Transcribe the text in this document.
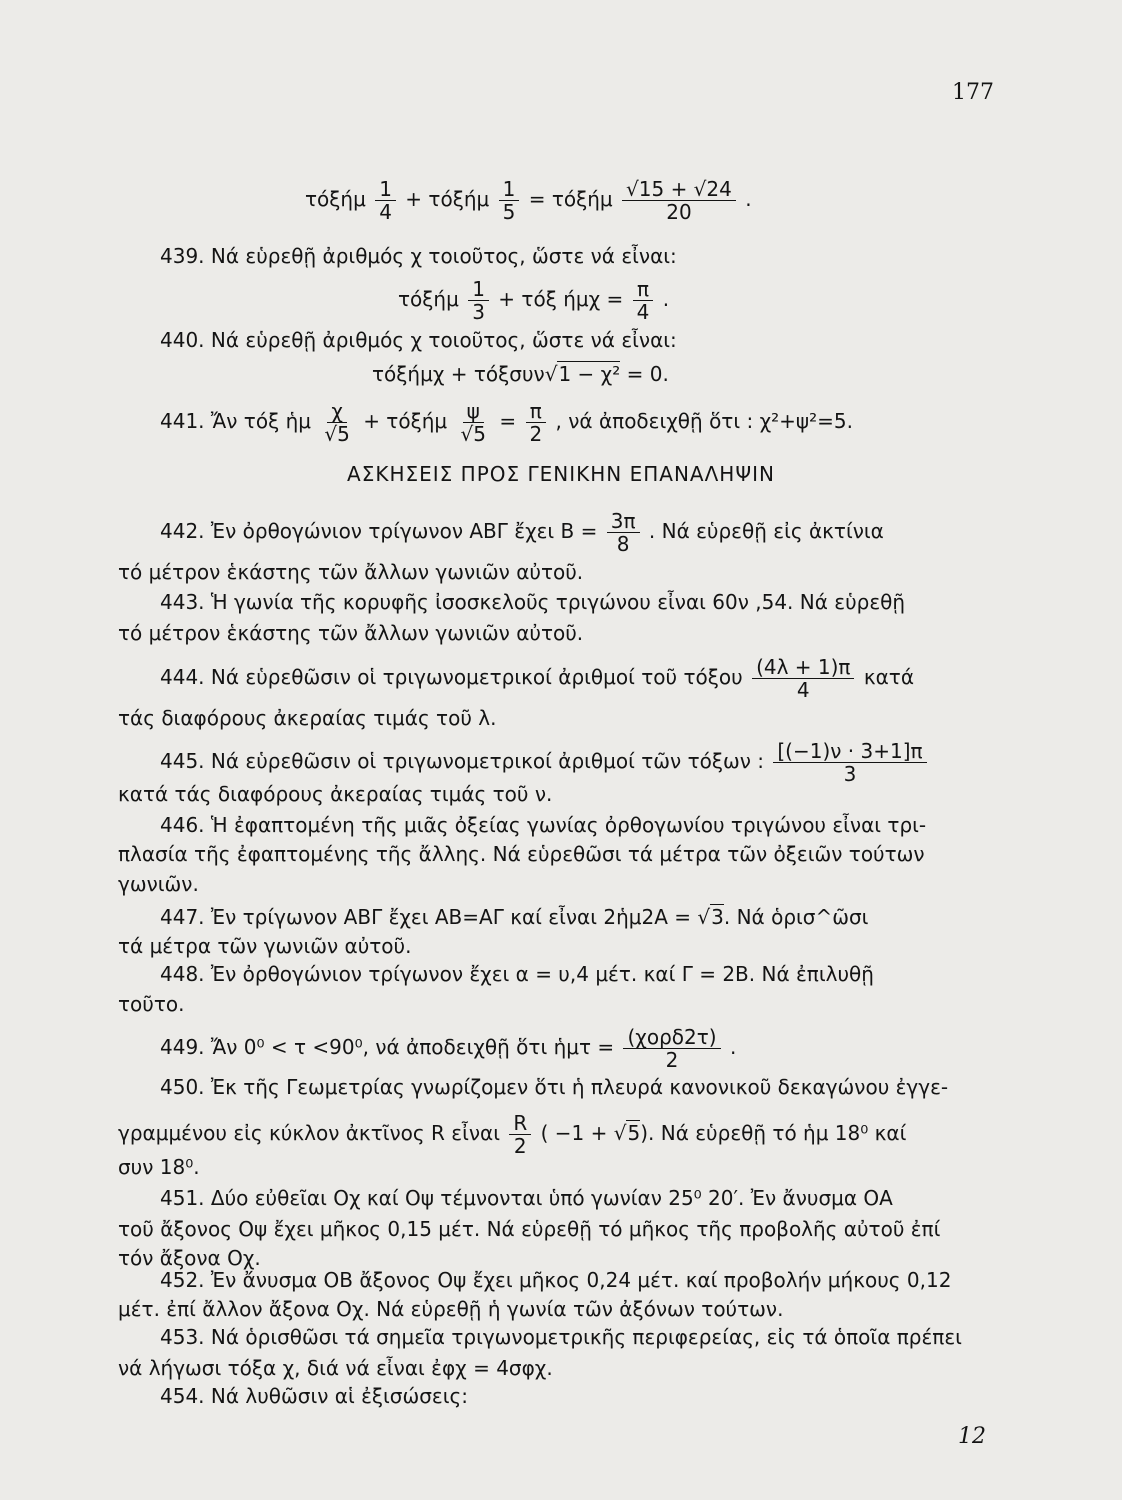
177
τόξήμ $\frac{1}{4} + \tau ό\xi ή\mu \frac{1}{5} = \tau ό\xi ή\mu \frac{√15 + √24}{20}$ .
439. Νά εὑρεθῇ ἀριθμός χ τοιοῦτος, ὥστε νά εἶναι:
τόξήμ $\frac{1}{3} + \tau ό\xi$ $ή\mu\chi = \frac{\pi}{4}$ .
440. Νά εὑρεθῇ ἀριθμός χ τοιοῦτος, ὥστε νά εἶναι:
τόξήμχ + τόξσυν√1 − χ² = 0.
441. Ἄν τόξ ἡμ $\frac{\chi}{√5} + \tau ό\xi ή\mu \frac{\psi}{√5} = \frac{\pi}{2}$ , νά ἀποδειχθῇ ὅτι : χ²+ψ²=5.
ΑΣΚΗΣΕΙΣ ΠΡΟΣ ΓΕΝΙΚΗΝ ΕΠΑΝΑΛΗΨΙΝ
442. Ἐν ὀρθογώνιον τρίγωνον ΑΒΓ ἔχει $B = \frac{3\pi}{8}$ . Νά εὑρεθῇ εἰς ἀκτίνια
τό μέτρον ἑκάστης τῶν ἄλλων γωνιῶν αὐτοῦ.
443. Ἡ γωνία τῆς κορυφῆς ἰσοσκελοῦς τριγώνου εἶναι 60ν ,54. Νά εὑρεθῇ
τό μέτρον ἑκάστης τῶν ἄλλων γωνιῶν αὐτοῦ.
444. Νά εὑρεθῶσιν οἱ τριγωνομετρικοί ἀριθμοί τοῦ τόξου $\frac{(4\lambda + 1)\pi}{4}$ κατά
τάς διαφόρους ἀκεραίας τιμάς τοῦ λ.
445. Νά εὑρεθῶσιν οἱ τριγωνομετρικοί ἀριθμοί τῶν τόξων : $\frac{[(-1)\nu \cdot 3+1]\pi}{3}$
κατά τάς διαφόρους ἀκεραίας τιμάς τοῦ ν.
446. Ἡ ἐφαπτομένη τῆς μιᾶς ὀξείας γωνίας ὀρθογωνίου τριγώνου εἶναι τρι-
πλασία τῆς ἐφαπτομένης τῆς ἄλλης. Νά εὑρεθῶσι τά μέτρα τῶν ὀξειῶν τούτων
γωνιῶν.
447. Ἐν τρίγωνον ΑΒΓ ἔχει ΑΒ=ΑΓ καί εἶναι 2ἡμ2Α = √3. Νά ὁρισ^ῶσι
τά μέτρα τῶν γωνιῶν αὐτοῦ.
448. Ἐν ὀρθογώνιον τρίγωνον ἔχει α = υ,4 μέτ. καί Γ = 2Β. Νά ἐπιλυθῇ
τοῦτο.
449. Ἄν 0⁰ < τ <90⁰, νά ἀποδειχθῇ ὅτι ἡμτ = $\frac{\text{(χορδ2τ)}}{2}$ .
450. Ἐκ τῆς Γεωμετρίας γνωρίζομεν ὅτι ἡ πλευρά κανονικοῦ δεκαγώνου ἐγγε-
γραμμένου εἰς κύκλον ἀκτῖνος R εἶναι $\frac{R}{2}$ ( −1 + √5). Νά εὑρεθῇ τό ἡμ 18⁰ καί
συν 18⁰.
451. Δύο εὐθεῖαι Οχ καί Οψ τέμνονται ὑπό γωνίαν 25⁰ 20′. Ἐν ἄνυσμα ΟΑ
τοῦ ἄξονος Οψ ἔχει μῆκος 0,15 μέτ. Νά εὑρεθῇ τό μῆκος τῆς προβολῆς αὐτοῦ ἐπί
τόν ἄξονα Οχ.
452. Ἐν ἄνυσμα ΟΒ ἄξονος Οψ ἔχει μῆκος 0,24 μέτ. καί προβολήν μήκους 0,12
μέτ. ἐπί ἄλλον ἄξονα Οχ. Νά εὑρεθῇ ἡ γωνία τῶν ἀξόνων τούτων.
453. Νά ὁρισθῶσι τά σημεῖα τριγωνομετρικῆς περιφερείας, εἰς τά ὁποῖα πρέπει
νά λήγωσι τόξα χ, διά νά εἶναι ἐφχ = 4σφχ.
454. Νά λυθῶσιν αἱ ἐξισώσεις:
12
